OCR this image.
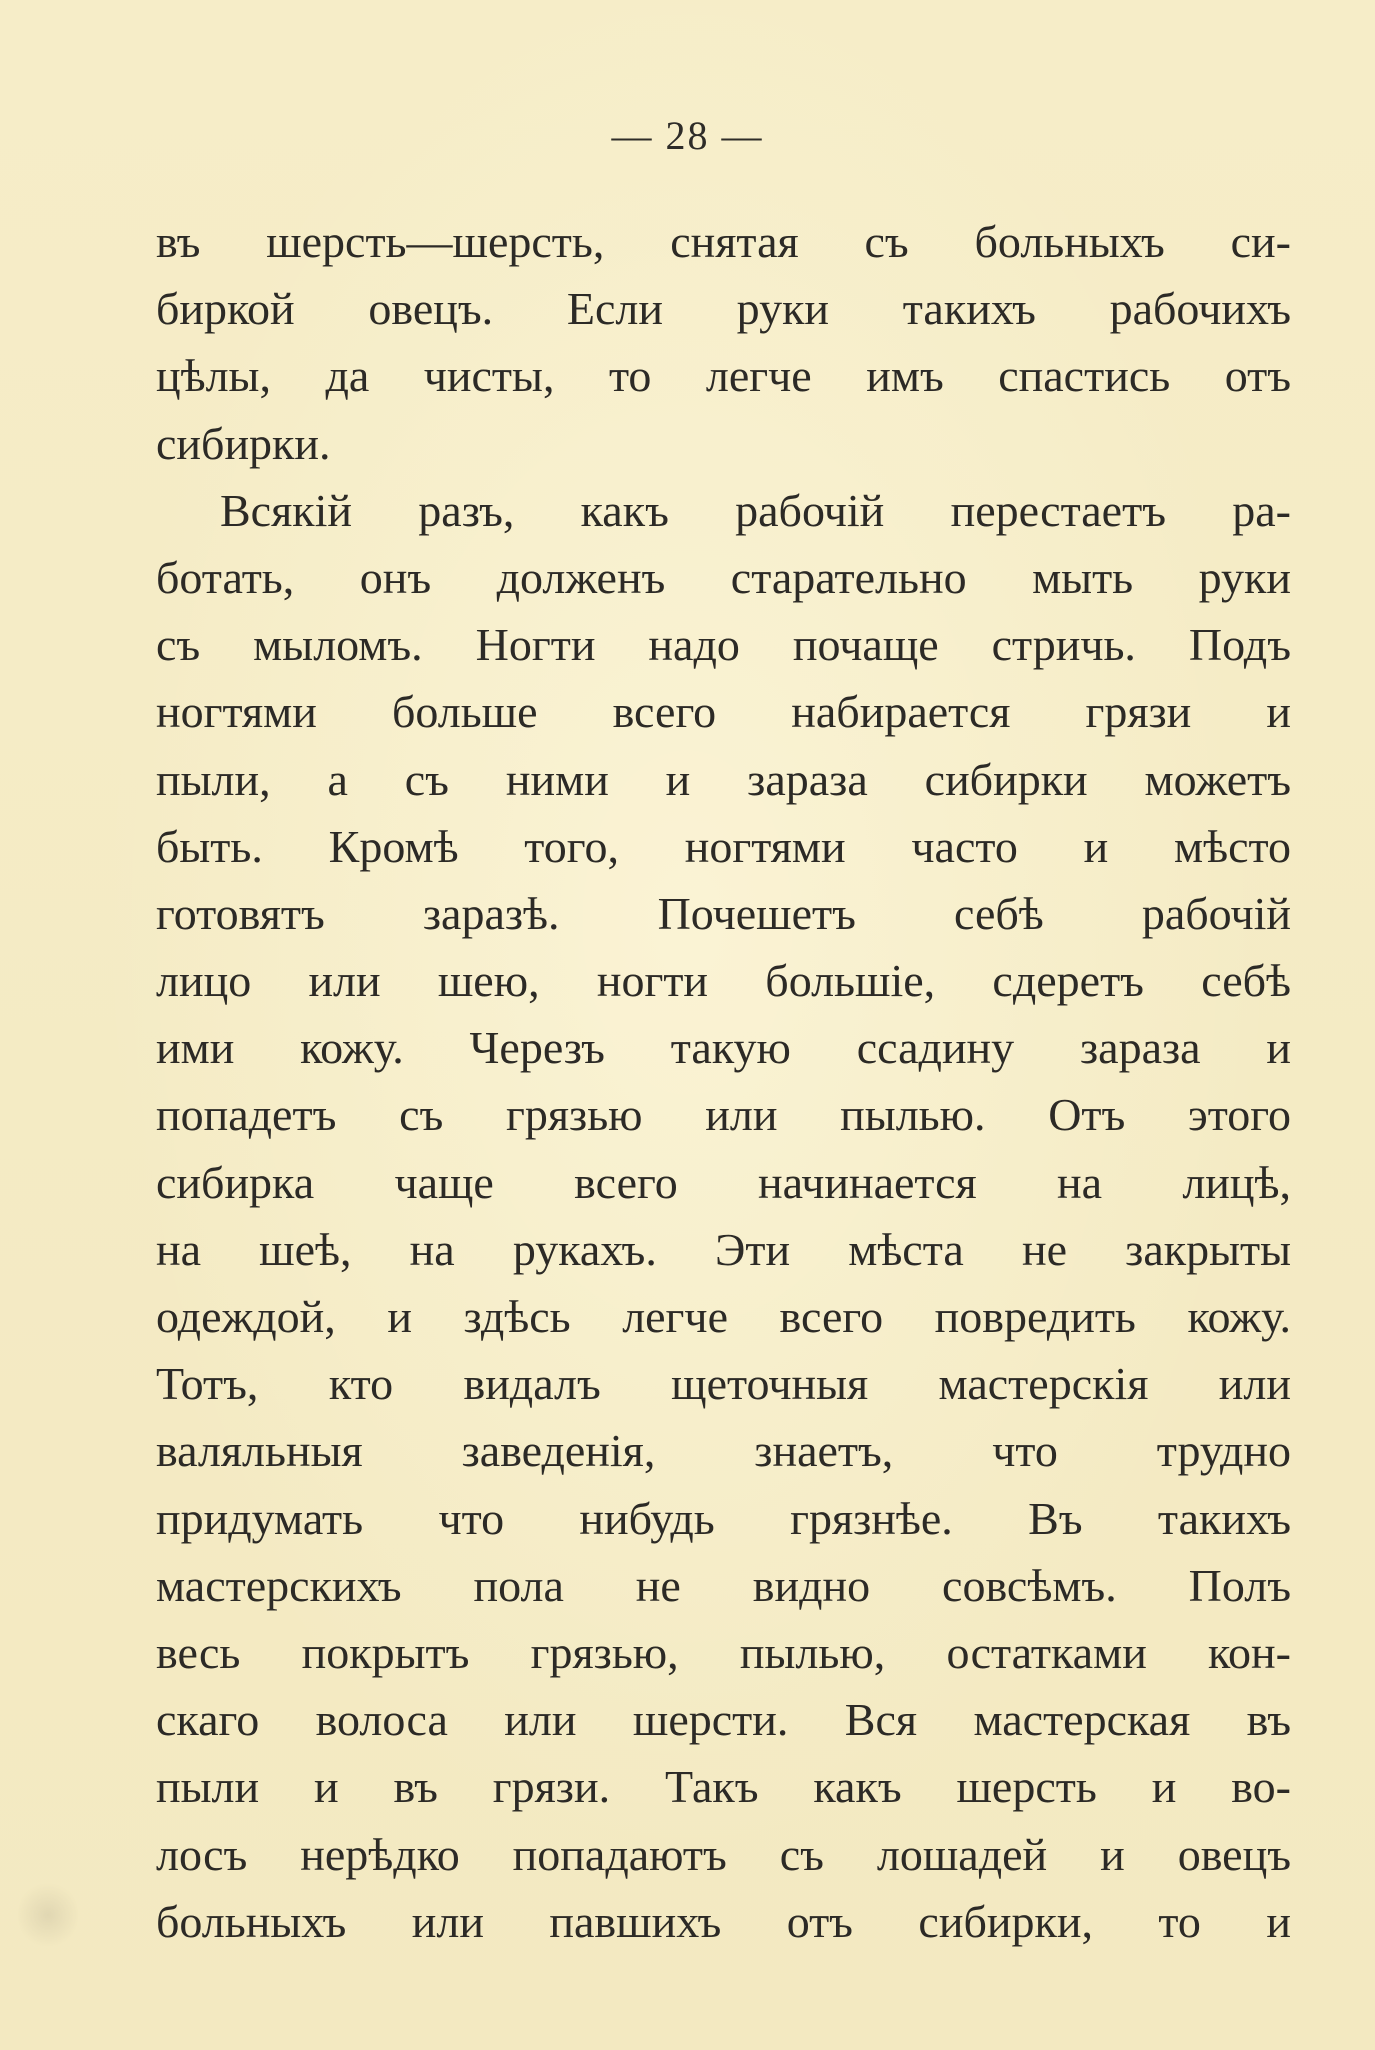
— 28 —
въ шерсть—шерсть, снятая съ больныхъ си-
биркой овецъ. Если руки такихъ рабочихъ
цѣлы, да чисты, то легче имъ спастись отъ
сибирки.
Всякій разъ, какъ рабочій перестаетъ ра-
ботать, онъ долженъ старательно мыть руки
съ мыломъ. Ногти надо почаще стричь. Подъ
ногтями больше всего набирается грязи и
пыли, а съ ними и зараза сибирки можетъ
быть. Кромѣ того, ногтями часто и мѣсто
готовятъ заразѣ. Почешетъ себѣ рабочій
лицо или шею, ногти большіе, сдеретъ себѣ
ими кожу. Черезъ такую ссадину зараза и
попадетъ съ грязью или пылью. Отъ этого
сибирка чаще всего начинается на лицѣ,
на шеѣ, на рукахъ. Эти мѣста не закрыты
одеждой, и здѣсь легче всего повредить кожу.
Тотъ, кто видалъ щеточныя мастерскія или
валяльныя заведенія, знаетъ, что трудно
придумать что нибудь грязнѣе. Въ такихъ
мастерскихъ пола не видно совсѣмъ. Полъ
весь покрытъ грязью, пылью, остатками кон-
скаго волоса или шерсти. Вся мастерская въ
пыли и въ грязи. Такъ какъ шерсть и во-
лосъ нерѣдко попадаютъ съ лошадей и овецъ
больныхъ или павшихъ отъ сибирки, то и
